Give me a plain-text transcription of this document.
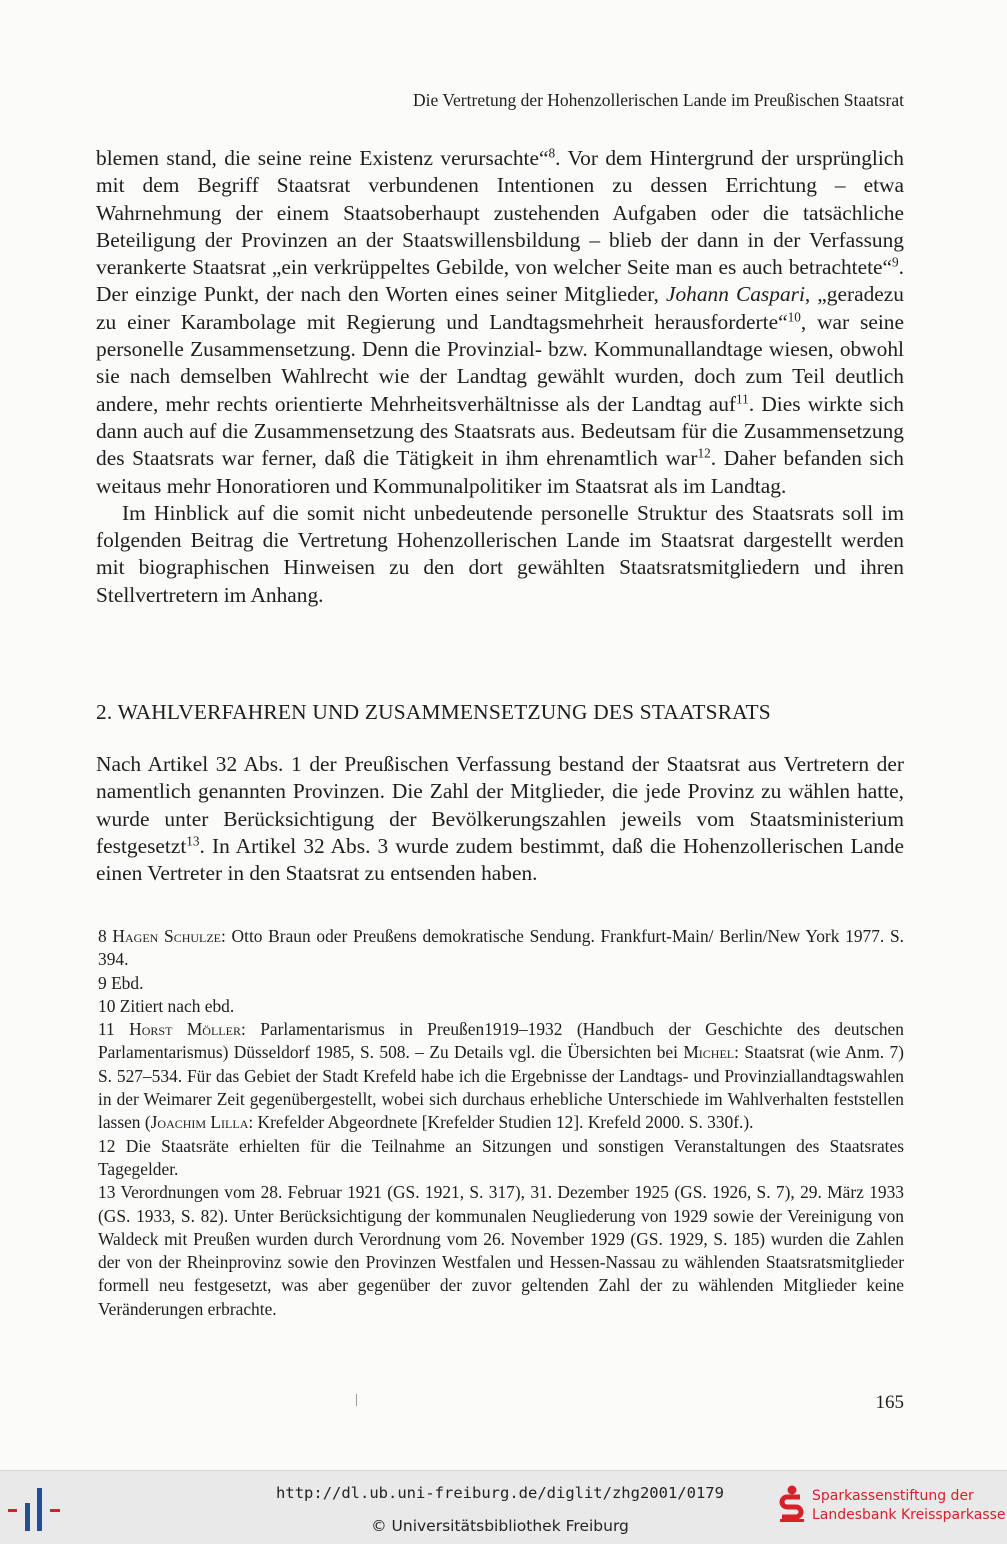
Die Vertretung der Hohenzollerischen Lande im Preußischen Staatsrat

blemen stand, die seine reine Existenz verursachte“$^8$. Vor dem Hintergrund der ursprünglich mit dem Begriff Staatsrat verbundenen Intentionen zu dessen Errichtung – etwa Wahrnehmung der einem Staatsoberhaupt zustehenden Aufgaben oder die tatsächliche Beteiligung der Provinzen an der Staatswillensbildung – blieb der dann in der Verfassung verankerte Staatsrat „ein verkrüppeltes Gebilde, von welcher Seite man es auch betrachtete“$^9$. Der einzige Punkt, der nach den Worten eines seiner Mitglieder, Johann Caspari, „geradezu zu einer Karambolage mit Regierung und Landtagsmehrheit herausforderte“$^{10}$, war seine personelle Zusammensetzung. Denn die Provinzial- bzw. Kommunallandtage wiesen, obwohl sie nach demselben Wahlrecht wie der Landtag gewählt wurden, doch zum Teil deutlich andere, mehr rechts orientierte Mehrheitsverhältnisse als der Landtag auf$^{11}$. Dies wirkte sich dann auch auf die Zusammensetzung des Staatsrats aus. Bedeutsam für die Zusammensetzung des Staatsrats war ferner, daß die Tätigkeit in ihm ehrenamtlich war$^{12}$. Daher befanden sich weitaus mehr Honoratioren und Kommunalpolitiker im Staatsrat als im Landtag.

Im Hinblick auf die somit nicht unbedeutende personelle Struktur des Staatsrats soll im folgenden Beitrag die Vertretung Hohenzollerischen Lande im Staatsrat dargestellt werden mit biographischen Hinweisen zu den dort gewählten Staatsratsmitgliedern und ihren Stellvertretern im Anhang.

2. WAHLVERFAHREN UND ZUSAMMENSETZUNG DES STAATSRATS

Nach Artikel 32 Abs. 1 der Preußischen Verfassung bestand der Staatsrat aus Vertretern der namentlich genannten Provinzen. Die Zahl der Mitglieder, die jede Provinz zu wählen hatte, wurde unter Berücksichtigung der Bevölkerungszahlen jeweils vom Staatsministerium festgesetzt$^{13}$. In Artikel 32 Abs. 3 wurde zudem bestimmt, daß die Hohenzollerischen Lande einen Vertreter in den Staatsrat zu entsenden haben.

8 Hagen Schulze: Otto Braun oder Preußens demokratische Sendung. Frankfurt-Main/ Berlin/New York 1977. S. 394.

9 Ebd.

10 Zitiert nach ebd.

11 Horst Möller: Parlamentarismus in Preußen1919–1932 (Handbuch der Geschichte des deutschen Parlamentarismus) Düsseldorf 1985, S. 508. – Zu Details vgl. die Übersichten bei Michel: Staatsrat (wie Anm. 7) S. 527–534. Für das Gebiet der Stadt Krefeld habe ich die Ergebnisse der Landtags- und Provinziallandtagswahlen in der Weimarer Zeit gegenübergestellt, wobei sich durchaus erhebliche Unterschiede im Wahlverhalten feststellen lassen (Joachim Lilla: Krefelder Abgeordnete [Krefelder Studien 12]. Krefeld 2000. S. 330f.).

12 Die Staatsräte erhielten für die Teilnahme an Sitzungen und sonstigen Veranstaltungen des Staatsrates Tagegelder.

13 Verordnungen vom 28. Februar 1921 (GS. 1921, S. 317), 31. Dezember 1925 (GS. 1926, S. 7), 29. März 1933 (GS. 1933, S. 82). Unter Berücksichtigung der kommunalen Neugliederung von 1929 sowie der Vereinigung von Waldeck mit Preußen wurden durch Verordnung vom 26. November 1929 (GS. 1929, S. 185) wurden die Zahlen der von der Rheinprovinz sowie den Provinzen Westfalen und Hessen-Nassau zu wählenden Staatsratsmitglieder formell neu festgesetzt, was aber gegenüber der zuvor geltenden Zahl der zu wählenden Mitglieder keine Veränderungen erbrachte.

165
http://dl.ub.uni-freiburg.de/diglit/zhg2001/0179
© Universitätsbibliothek Freiburg
Sparkassenstiftung der
Landesbank Kreissparkasse
